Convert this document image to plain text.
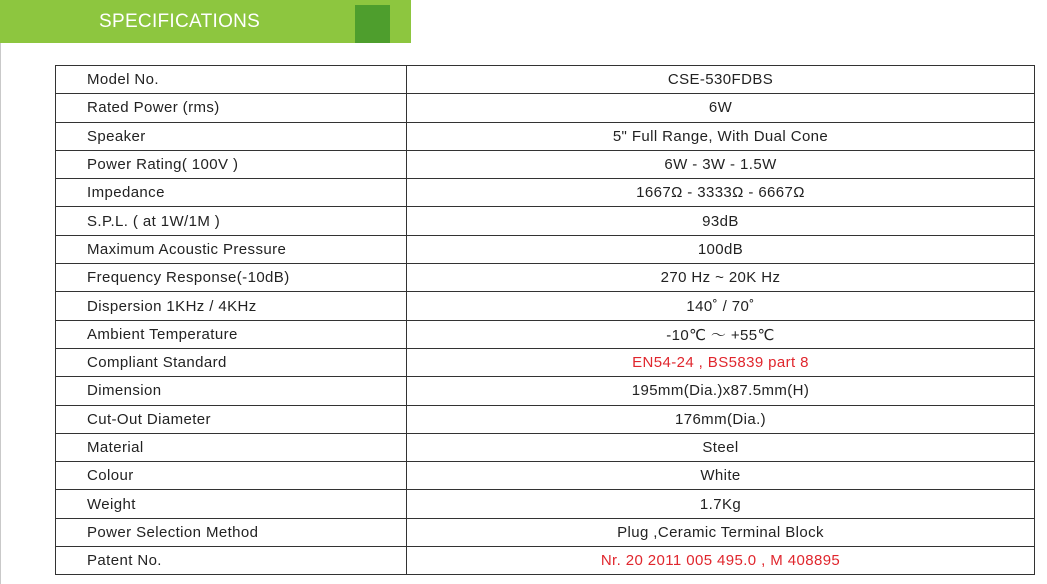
SPECIFICATIONS
Model No.	CSE-530FDBS
Rated Power (rms)	6W
Speaker	5" Full Range, With Dual Cone
Power Rating( 100V )	6W - 3W - 1.5W
Impedance	1667Ω - 3333Ω - 6667Ω
S.P.L. ( at 1W/1M )	93dB
Maximum Acoustic Pressure	100dB
Frequency Response(-10dB)	270 Hz ~ 20K Hz
Dispersion 1KHz / 4KHz	140˚ / 70˚
Ambient Temperature	-10℃ ～ +55℃
Compliant Standard	EN54-24 , BS5839 part 8
Dimension	195mm(Dia.)x87.5mm(H)
Cut-Out Diameter	176mm(Dia.)
Material	Steel
Colour	White
Weight	1.7Kg
Power Selection Method	Plug ,Ceramic Terminal Block
Patent No.	Nr. 20 2011 005 495.0 , M 408895
